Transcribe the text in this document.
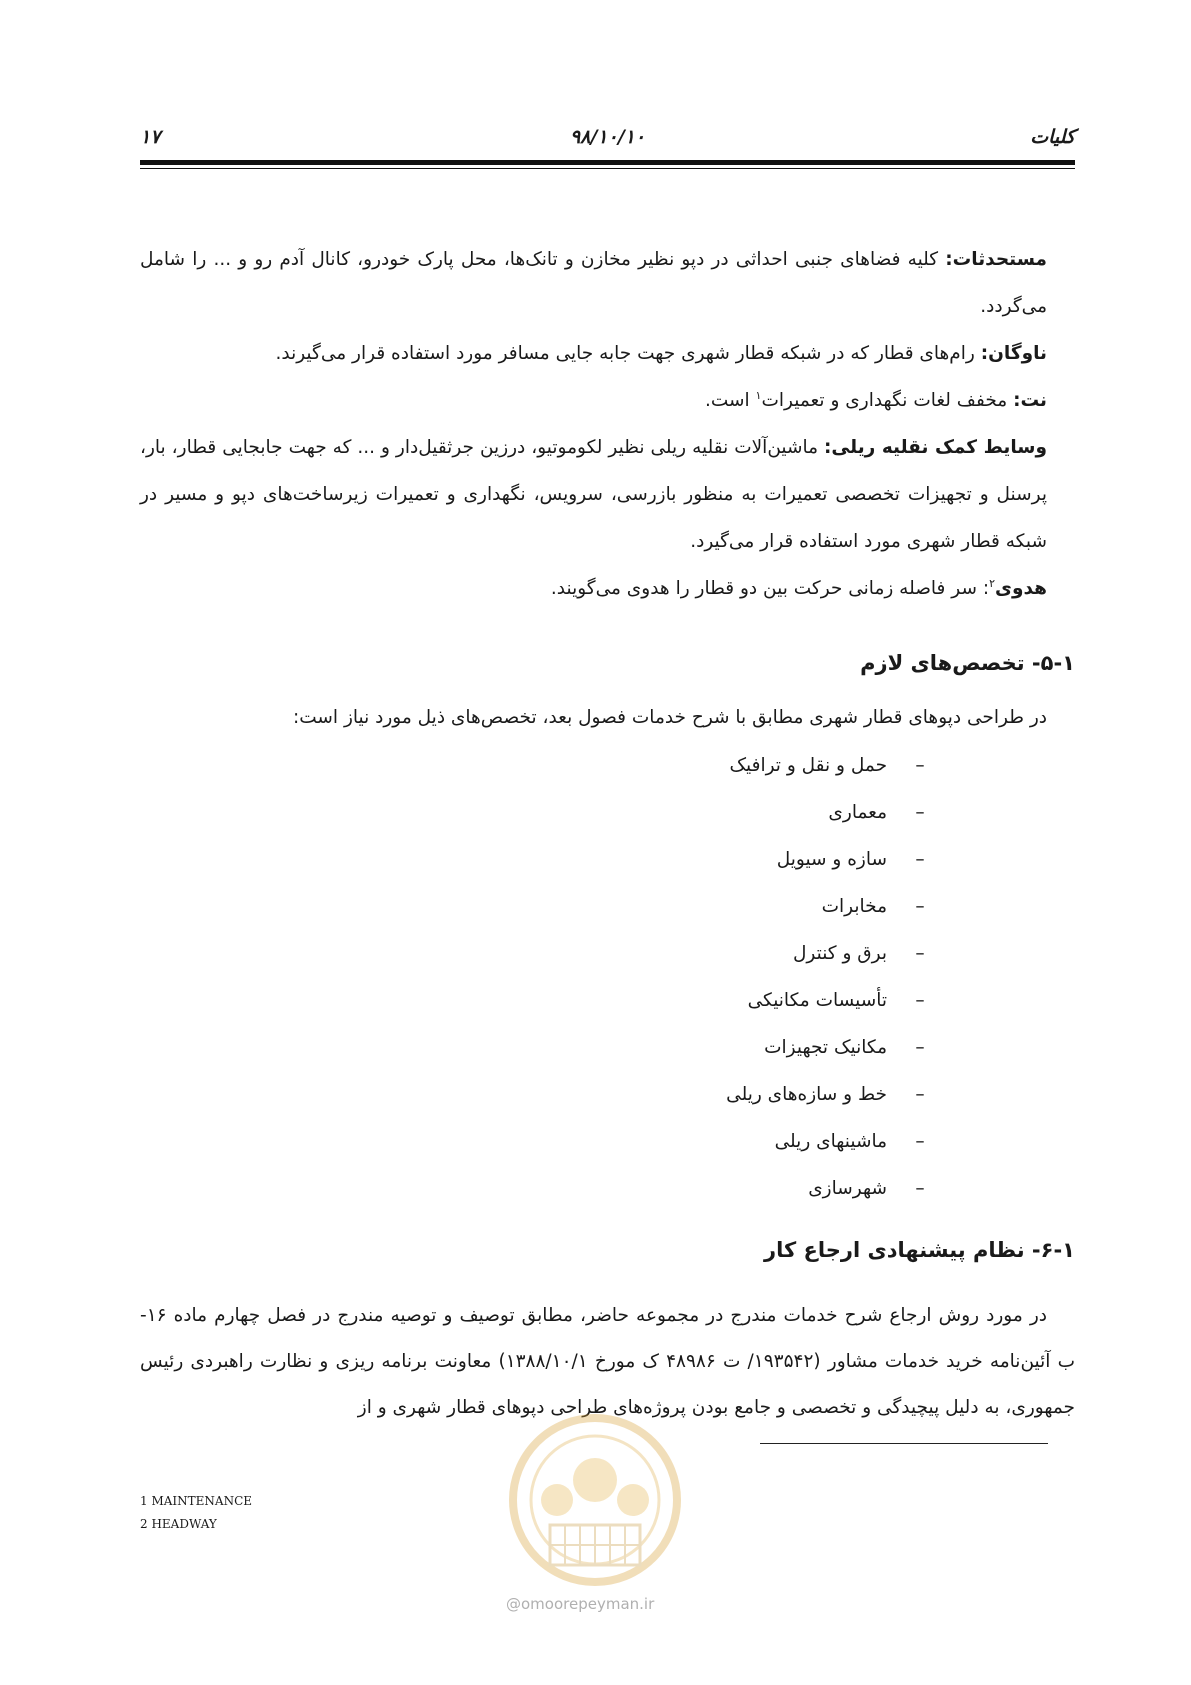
کلیات
۹۸/۱۰/۱۰
۱۷

مستحدثات: کلیه فضاهای جنبی احداثی در دپو نظیر مخازن و تانک‌ها، محل پارک خودرو، کانال آدم رو و ... را شامل می‌گردد.

ناوگان: رام‌های قطار که در شبکه قطار شهری جهت جابه جایی مسافر مورد استفاده قرار می‌گیرند.

نت: مخفف لغات نگهداری و تعمیرات$^۱$ است.

وسایط کمک نقلیه ریلی: ماشین‌آلات نقلیه ریلی نظیر لکوموتیو، درزین جرثقیل‌دار و ... که جهت جابجایی قطار، بار، پرسنل و تجهیزات تخصصی تعمیرات به منظور بازرسی، سرویس، نگهداری و تعمیرات زیرساخت‌های دپو و مسیر در شبکه قطار شهری مورد استفاده قرار می‌گیرد.

هدوی$^۲$: سر فاصله زمانی حرکت بین دو قطار را هدوی می‌گویند.

۵-۱- تخصص‌های لازم
در طراحی دپوهای قطار شهری مطابق با شرح خدمات فصول بعد، تخصص‌های ذیل مورد نیاز است:
–
حمل و نقل و ترافیک
–
معماری
–
سازه و سیویل
–
مخابرات
–
برق و کنترل
–
تأسیسات مکانیکی
–
مکانیک تجهیزات
–
خط و سازه‌های ریلی
–
ماشینهای ریلی
–
شهرسازی
۶-۱- نظام پیشنهادی ارجاع کار
در مورد روش ارجاع شرح خدمات مندرج در مجموعه حاضر، مطابق توصیف و توصیه مندرج در فصل چهارم ماده ۱۶- ب آئین‌نامه خرید خدمات مشاور (۱۹۳۵۴۲/ ت ۴۸۹۸۶ ک مورخ ۱۳۸۸/۱۰/۱) معاونت برنامه ریزی و نظارت راهبردی رئیس جمهوری، به دلیل پیچیدگی و تخصصی و جامع بودن پروژه‌های طراحی دپوهای قطار شهری و از
1 MAINTENANCE
2 HEADWAY
@omoorepeyman.ir
